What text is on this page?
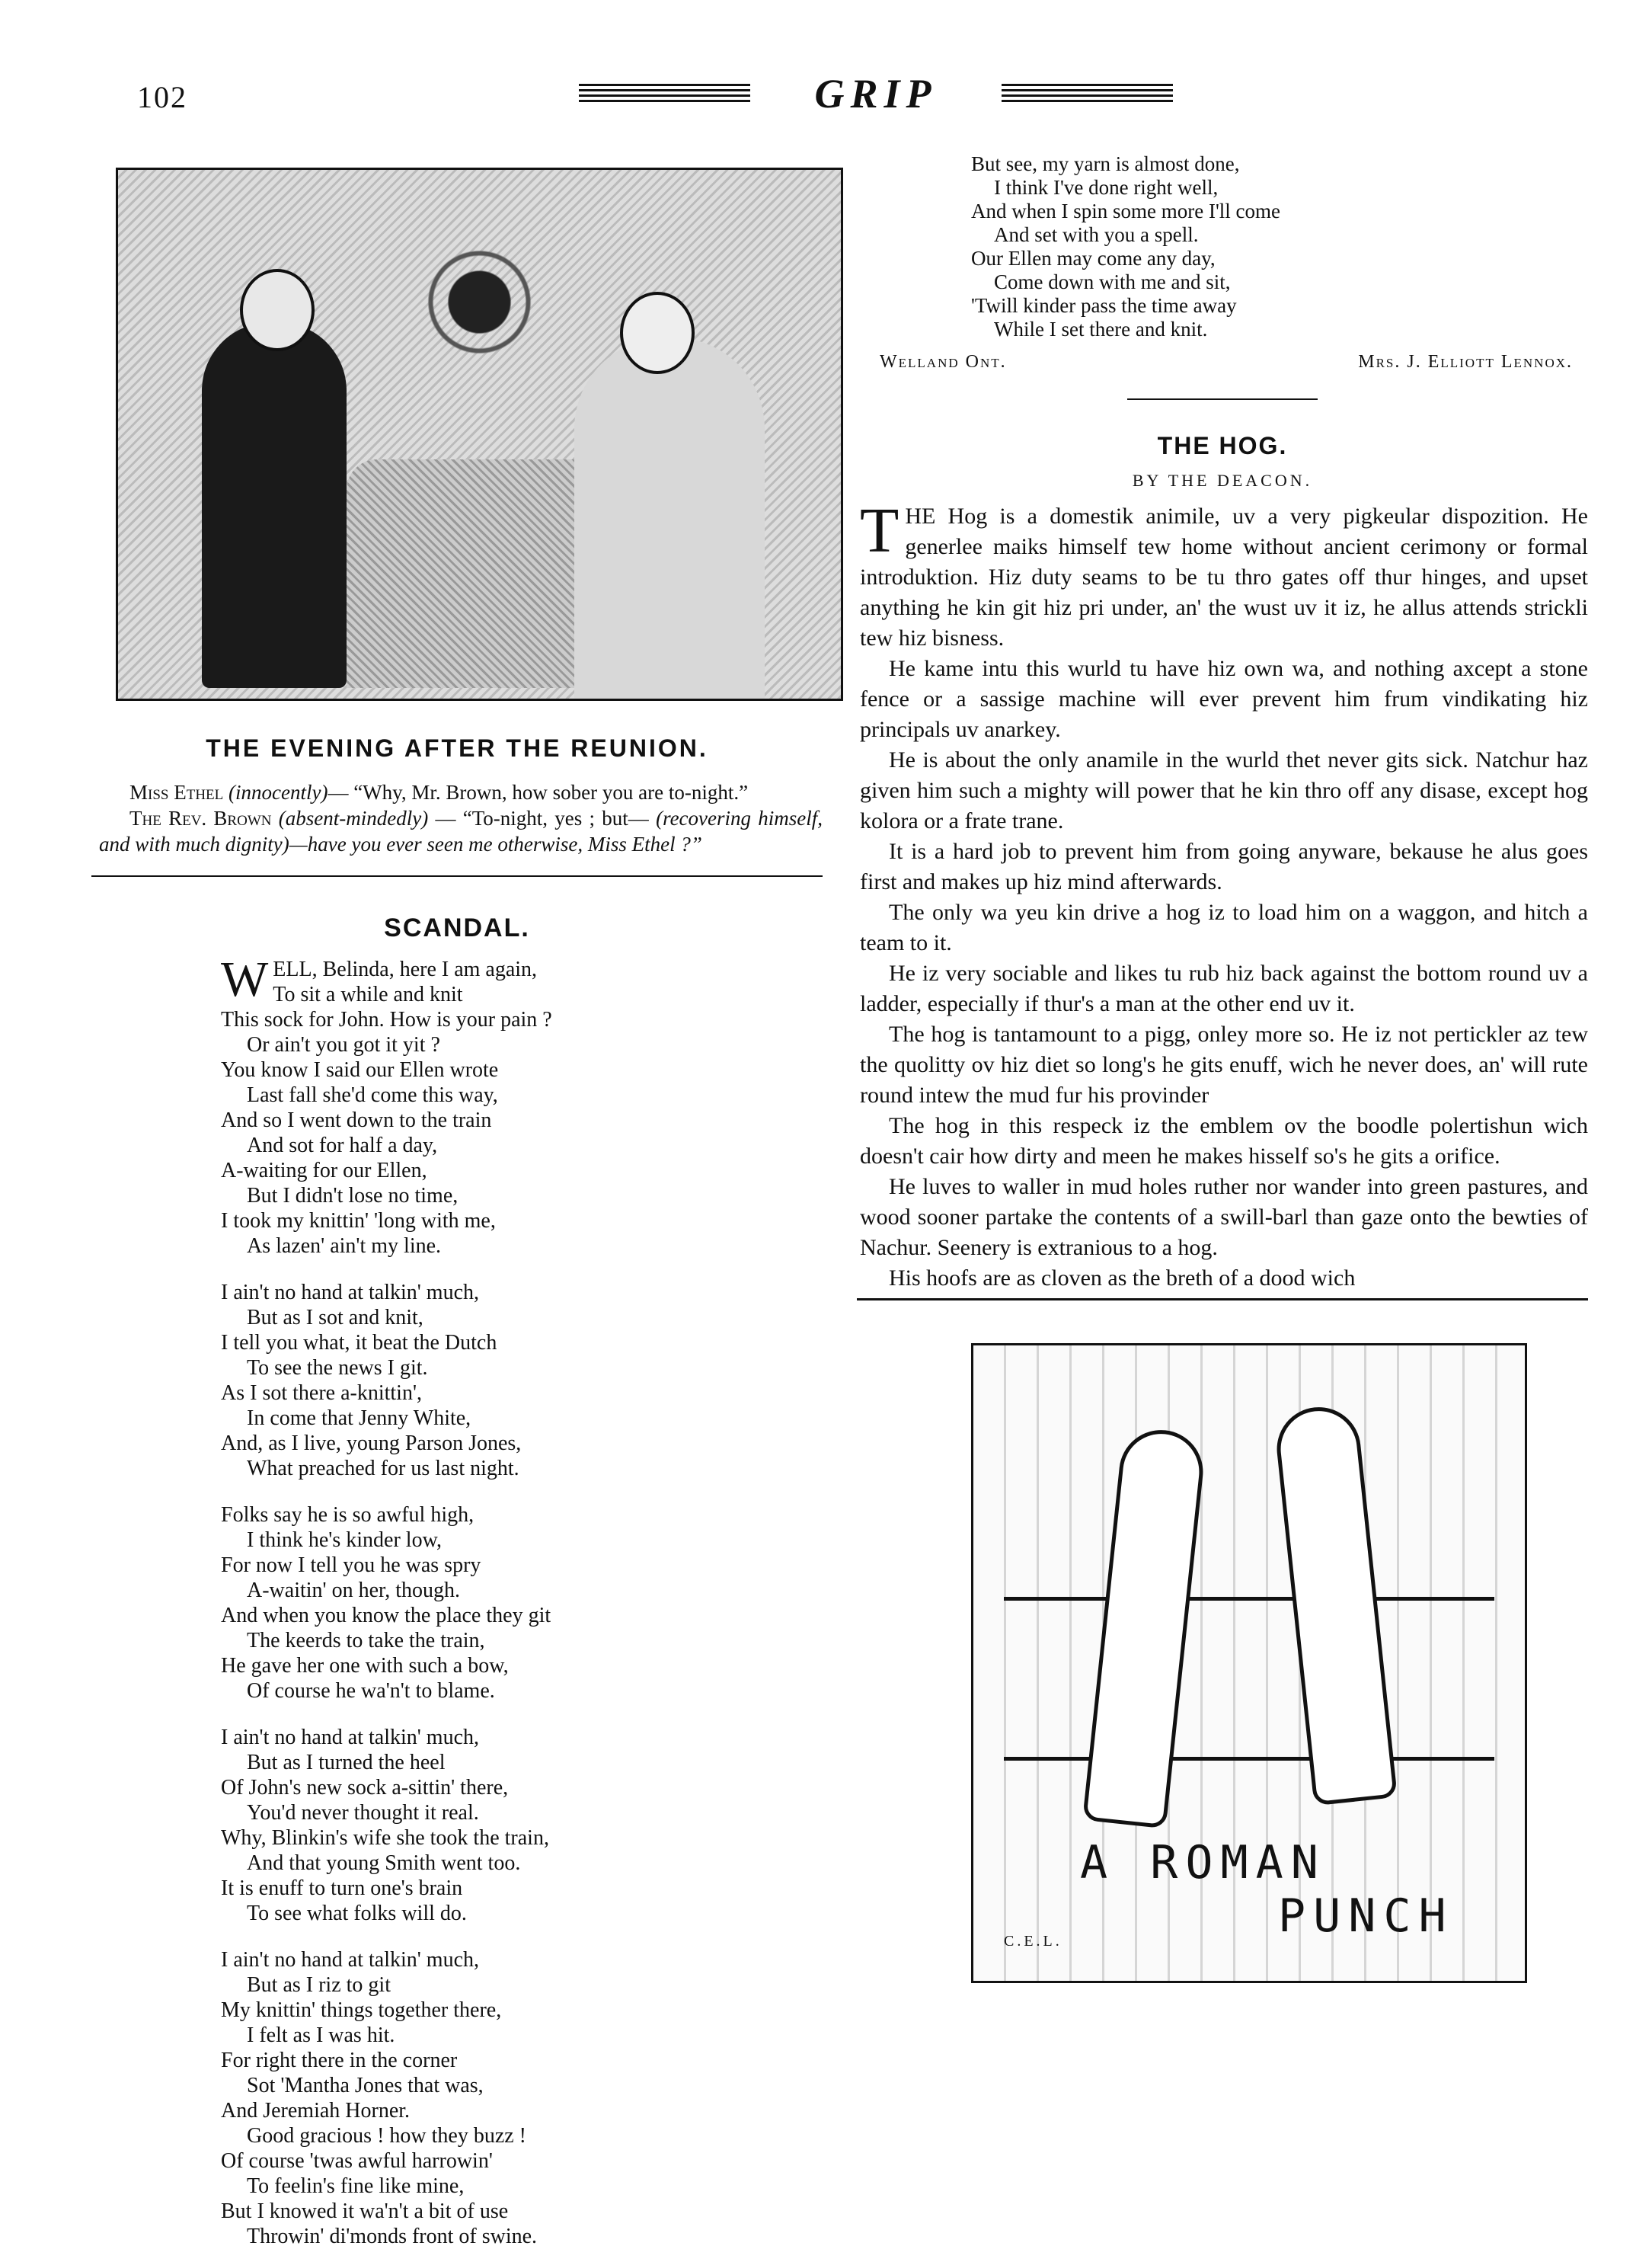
102	GRIP
THE EVENING AFTER THE REUNION.

Miss Ethel (innocently)— “Why, Mr. Brown, how sober you are to-night.”

The Rev. Brown (absent-mindedly) — “To-night, yes ; but— (recovering himself, and with much dignity)—have you ever seen me otherwise, Miss Ethel ?”

SCANDAL.
WELL, Belinda, here I am again,
To sit a while and knit
This sock for John. How is your pain ?
Or ain't you got it yit ?
You know I said our Ellen wrote
Last fall she'd come this way,
And so I went down to the train
And sot for half a day,
A-waiting for our Ellen,
But I didn't lose no time,
I took my knittin' 'long with me,
As lazen' ain't my line.
I ain't no hand at talkin' much,
But as I sot and knit,
I tell you what, it beat the Dutch
To see the news I git.
As I sot there a-knittin',
In come that Jenny White,
And, as I live, young Parson Jones,
What preached for us last night.
Folks say he is so awful high,
I think he's kinder low,
For now I tell you he was spry
A-waitin' on her, though.
And when you know the place they git
The keerds to take the train,
He gave her one with such a bow,
Of course he wa'n't to blame.
I ain't no hand at talkin' much,
But as I turned the heel
Of John's new sock a-sittin' there,
You'd never thought it real.
Why, Blinkin's wife she took the train,
And that young Smith went too.
It is enuff to turn one's brain
To see what folks will do.
I ain't no hand at talkin' much,
But as I riz to git
My knittin' things together there,
I felt as I was hit.
For right there in the corner
Sot 'Mantha Jones that was,
And Jeremiah Horner.
Good gracious ! how they buzz !
Of course 'twas awful harrowin'
To feelin's fine like mine,
But I knowed it wa'n't a bit of use
Throwin' di'monds front of swine.
But see, my yarn is almost done,
I think I've done right well,
And when I spin some more I'll come
And set with you a spell.
Our Ellen may come any day,
Come down with me and sit,
'Twill kinder pass the time away
While I set there and knit.
Welland Ont.	Mrs. J. Elliott Lennox.
THE HOG.
BY THE DEACON.

THE Hog is a domestik animile, uv a very pigkeular dispozition. He generlee maiks himself tew home without ancient cerimony or formal introduktion. Hiz duty seams to be tu thro gates off thur hinges, and upset anything he kin git hiz pri under, an' the wust uv it iz, he allus attends strickli tew hiz bisness.

He kame intu this wurld tu have hiz own wa, and nothing axcept a stone fence or a sassige machine will ever prevent him frum vindikating hiz principals uv anarkey.

He is about the only anamile in the wurld thet never gits sick. Natchur haz given him such a mighty will power that he kin thro off any disase, except hog kolora or a frate trane.

It is a hard job to prevent him from going anyware, bekause he alus goes first and makes up hiz mind afterwards.

The only wa yeu kin drive a hog iz to load him on a waggon, and hitch a team to it.

He iz very sociable and likes tu rub hiz back against the bottom round uv a ladder, especially if thur's a man at the other end uv it.

The hog is tantamount to a pigg, onley more so. He iz not pertickler az tew the quolitty ov hiz diet so long's he gits enuff, wich he never does, an' will rute round intew the mud fur his provinder

The hog in this respeck iz the emblem ov the boodle polertishun wich doesn't cair how dirty and meen he makes hisself so's he gits a orifice.

He luves to waller in mud holes ruther nor wander into green pastures, and wood sooner partake the contents of a swill-barl than gaze onto the bewties of Nachur. Seenery is extranious to a hog.

His hoofs are as cloven as the breth of a dood wich

A ROMAN
PUNCH
C.E.L.
